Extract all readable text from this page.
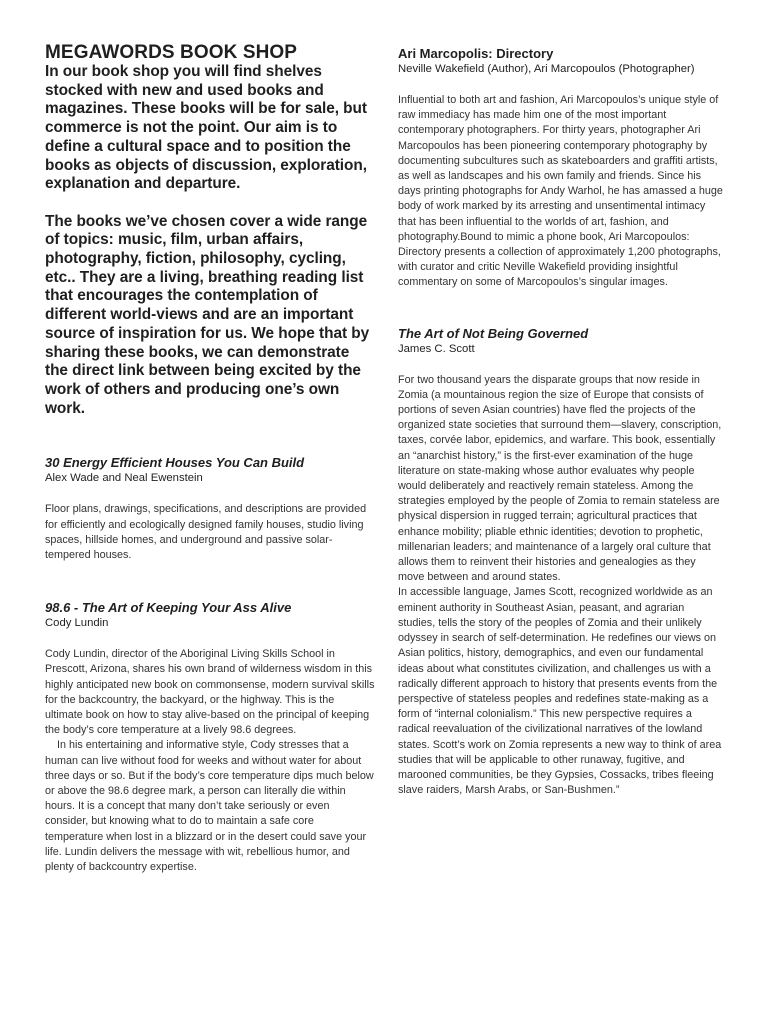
MEGAWORDS BOOK SHOP

In our book shop you will find shelves stocked with new and used books and magazines. These books will be for sale, but commerce is not the point. Our aim is to define a cultural space and to position the books as objects of discussion, exploration, explanation and departure.

The books we’ve chosen cover a wide range of topics: music, film, urban affairs, photography, fiction, philosophy, cycling, etc.. They are a living, breathing reading list that encourages the contemplation of different world-views and are an important source of inspiration for us. We hope that by sharing these books, we can demonstrate the direct link between being excited by the work of others and producing one’s own work.

30 Energy Efficient Houses You Can Build

Alex Wade and Neal Ewenstein

Floor plans, drawings, specifications, and descriptions are provided for efficiently and ecologically designed family houses, studio living spaces, hillside homes, and underground and passive solar-tempered houses.

98.6 - The Art of Keeping Your Ass Alive

Cody Lundin

Cody Lundin, director of the Aboriginal Living Skills School in Prescott, Arizona, shares his own brand of wilderness wisdom in this highly anticipated new book on commonsense, modern survival skills for the backcountry, the backyard, or the highway. This is the ultimate book on how to stay alive-based on the principal of keeping the body’s core temperature at a lively 98.6 degrees.

In his entertaining and informative style, Cody stresses that a human can live without food for weeks and without water for about three days or so. But if the body’s core temperature dips much below or above the 98.6 degree mark, a person can literally die within hours. It is a concept that many don’t take seriously or even consider, but knowing what to do to maintain a safe core temperature when lost in a blizzard or in the desert could save your life. Lundin delivers the message with wit, rebellious humor, and plenty of backcountry expertise.

Ari Marcopolis: Directory

Neville Wakefield (Author), Ari Marcopoulos (Photographer)

Influential to both art and fashion, Ari Marcopoulos’s unique style of raw immediacy has made him one of the most important contemporary photographers. For thirty years, photographer Ari Marcopoulos has been pioneering contemporary photography by documenting subcultures such as skateboarders and graffiti artists, as well as landscapes and his own family and friends. Since his days printing photographs for Andy Warhol, he has amassed a huge body of work marked by its arresting and unsentimental intimacy that has been influential to the worlds of art, fashion, and photography.Bound to mimic a phone book, Ari Marcopoulos: Directory presents a collection of approximately 1,200 photographs, with curator and critic Neville Wakefield providing insightful commentary on some of Marcopoulos’s singular images.

The Art of Not Being Governed

James C. Scott

For two thousand years the disparate groups that now reside in Zomia (a mountainous region the size of Europe that consists of portions of seven Asian countries) have fled the projects of the organized state societies that surround them—slavery, conscription, taxes, corvée labor, epidemics, and warfare. This book, essentially an “anarchist history,” is the first-ever examination of the huge literature on state-making whose author evaluates why people would deliberately and reactively remain stateless. Among the strategies employed by the people of Zomia to remain stateless are physical dispersion in rugged terrain; agricultural practices that enhance mobility; pliable ethnic identities; devotion to prophetic, millenarian leaders; and maintenance of a largely oral culture that allows them to reinvent their histories and genealogies as they move between and around states.

In accessible language, James Scott, recognized worldwide as an eminent authority in Southeast Asian, peasant, and agrarian studies, tells the story of the peoples of Zomia and their unlikely odyssey in search of self-determination. He redefines our views on Asian politics, history, demographics, and even our fundamental ideas about what constitutes civilization, and challenges us with a radically different approach to history that presents events from the perspective of stateless peoples and redefines state-making as a form of “internal colonialism.” This new perspective requires a radical reevaluation of the civilizational narratives of the lowland states. Scott’s work on Zomia represents a new way to think of area studies that will be applicable to other runaway, fugitive, and marooned communities, be they Gypsies, Cossacks, tribes fleeing slave raiders, Marsh Arabs, or San-Bushmen.”
